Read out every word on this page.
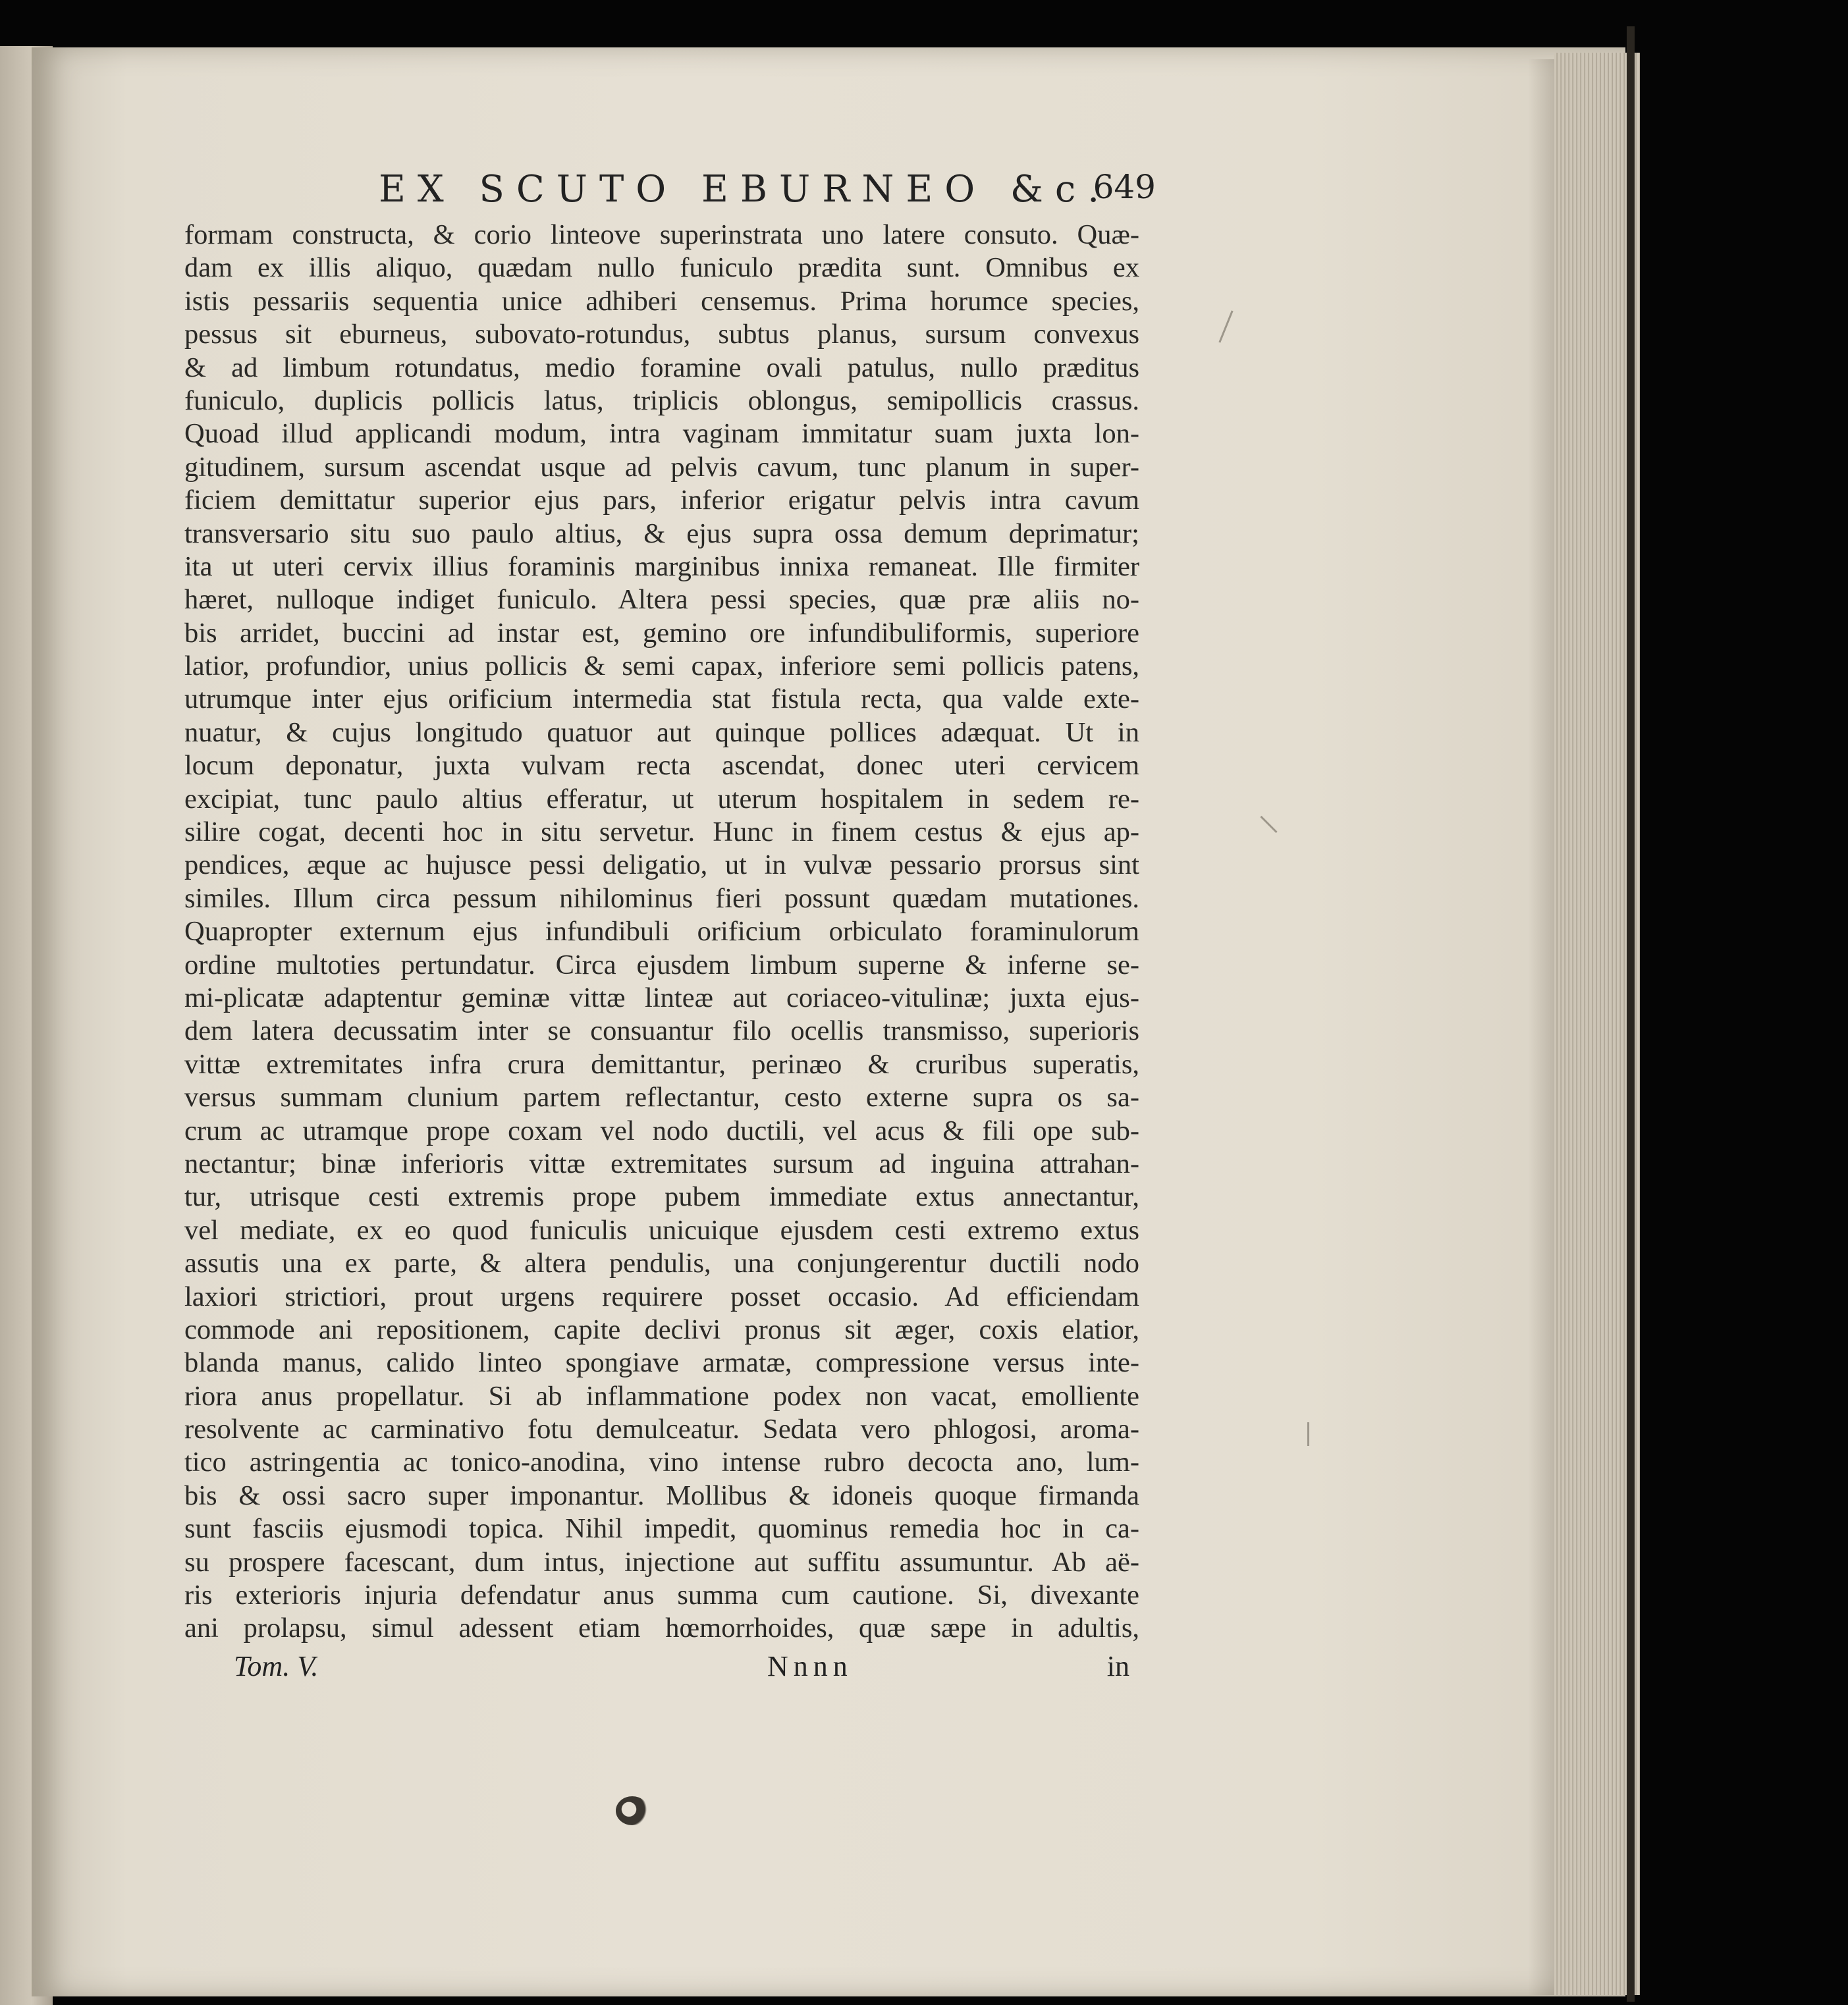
EX SCUTO EBURNEO &c.
649
formam constructa, & corio linteove superinstrata uno latere consuto. Quæ-
dam ex illis aliquo, quædam nullo funiculo prædita sunt. Omnibus ex
istis pessariis sequentia unice adhiberi censemus. Prima horumce species,
pessus sit eburneus, subovato-rotundus, subtus planus, sursum convexus
& ad limbum rotundatus, medio foramine ovali patulus, nullo præditus
funiculo, duplicis pollicis latus, triplicis oblongus, semipollicis crassus.
Quoad illud applicandi modum, intra vaginam immitatur suam juxta lon-
gitudinem, sursum ascendat usque ad pelvis cavum, tunc planum in super-
ficiem demittatur superior ejus pars, inferior erigatur pelvis intra cavum
transversario situ suo paulo altius, & ejus supra ossa demum deprimatur;
ita ut uteri cervix illius foraminis marginibus innixa remaneat. Ille firmiter
hæret, nulloque indiget funiculo. Altera pessi species, quæ præ aliis no-
bis arridet, buccini ad instar est, gemino ore infundibuliformis, superiore
latior, profundior, unius pollicis & semi capax, inferiore semi pollicis patens,
utrumque inter ejus orificium intermedia stat fistula recta, qua valde exte-
nuatur, & cujus longitudo quatuor aut quinque pollices adæquat. Ut in
locum deponatur, juxta vulvam recta ascendat, donec uteri cervicem
excipiat, tunc paulo altius efferatur, ut uterum hospitalem in sedem re-
silire cogat, decenti hoc in situ servetur. Hunc in finem cestus & ejus ap-
pendices, æque ac hujusce pessi deligatio, ut in vulvæ pessario prorsus sint
similes. Illum circa pessum nihilominus fieri possunt quædam mutationes.
Quapropter externum ejus infundibuli orificium orbiculato foraminulorum
ordine multoties pertundatur. Circa ejusdem limbum superne & inferne se-
mi-plicatæ adaptentur geminæ vittæ linteæ aut coriaceo-vitulinæ; juxta ejus-
dem latera decussatim inter se consuantur filo ocellis transmisso, superioris
vittæ extremitates infra crura demittantur, perinæo & cruribus superatis,
versus summam clunium partem reflectantur, cesto externe supra os sa-
crum ac utramque prope coxam vel nodo ductili, vel acus & fili ope sub-
nectantur; binæ inferioris vittæ extremitates sursum ad inguina attrahan-
tur, utrisque cesti extremis prope pubem immediate extus annectantur,
vel mediate, ex eo quod funiculis unicuique ejusdem cesti extremo extus
assutis una ex parte, & altera pendulis, una conjungerentur ductili nodo
laxiori strictiori, prout urgens requirere posset occasio. Ad efficiendam
commode ani repositionem, capite declivi pronus sit æger, coxis elatior,
blanda manus, calido linteo spongiave armatæ, compressione versus inte-
riora anus propellatur. Si ab inflammatione podex non vacat, emolliente
resolvente ac carminativo fotu demulceatur. Sedata vero phlogosi, aroma-
tico astringentia ac tonico-anodina, vino intense rubro decocta ano, lum-
bis & ossi sacro super imponantur. Mollibus & idoneis quoque firmanda
sunt fasciis ejusmodi topica. Nihil impedit, quominus remedia hoc in ca-
su prospere facescant, dum intus, injectione aut suffitu assumuntur. Ab aë-
ris exterioris injuria defendatur anus summa cum cautione. Si, divexante
ani prolapsu, simul adessent etiam hœmorrhoides, quæ sæpe in adultis,
Tom. V.	Nnnn	in
